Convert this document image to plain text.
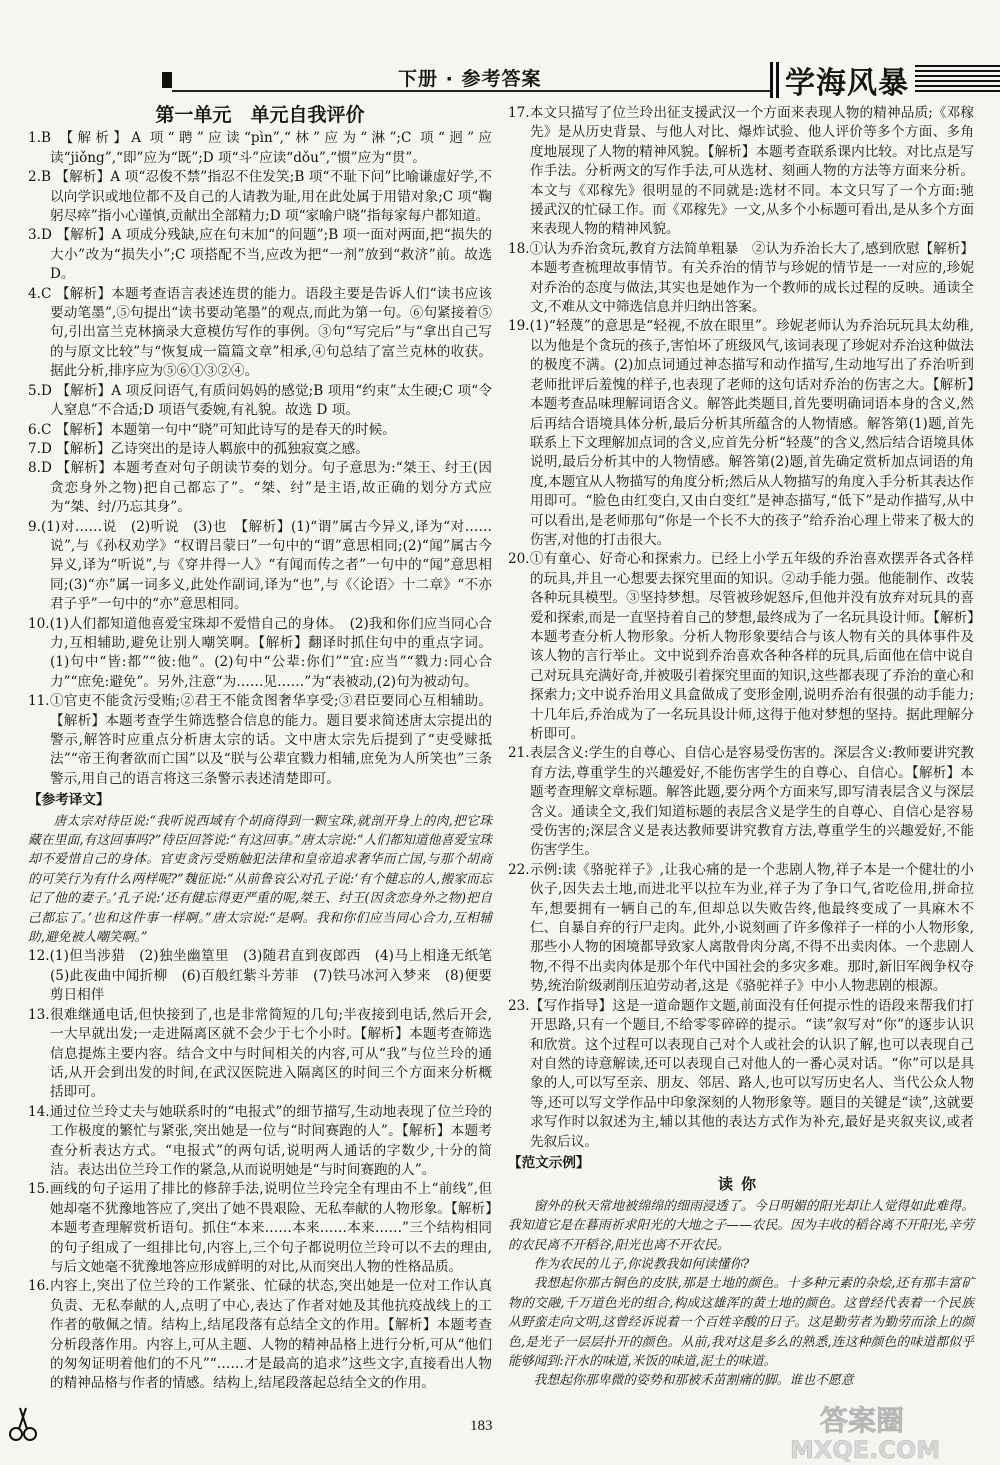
下册 · 参考答案	学海风暴
第一单元　单元自我评价

1.B 【解析】A 项“聘”应读“pìn”,“林”应为“淋”;C 项“迥”应读“jiǒng”,“即”应为“既”;D 项“斗”应读“dǒu”,“惯”应为“贯”。

2.B 【解析】A 项“忍俊不禁”指忍不住发笑;B 项“不耻下问”比喻谦虚好学,不以向学识或地位都不及自己的人请教为耻,用在此处属于用错对象;C 项“鞠躬尽瘁”指小心谨慎,贡献出全部精力;D 项“家喻户晓”指每家每户都知道。

3.D 【解析】A 项成分残缺,应在句末加“的问题”;B 项一面对两面,把“损失的大小”改为“损失小”;C 项搭配不当,应改为把“一剂”放到“救济”前。故选 D。

4.C 【解析】本题考查语言表述连贯的能力。语段主要是告诉人们“读书应该要动笔墨”,⑤句提出“读书要动笔墨”的观点,而此为第一句。⑥句紧接着⑤句,引出富兰克林摘录大意模仿写作的事例。③句“写完后”与“拿出自己写的与原文比较”与“恢复成一篇篇文章”相承,④句总结了富兰克林的收获。据此分析,排序应为⑤⑥①③②④。

5.D 【解析】A 项反问语气,有质问妈妈的感觉;B 项用“约束”太生硬;C 项“令人窒息”不合适;D 项语气委婉,有礼貌。故选 D 项。

6.C 【解析】本题第一句中“晓”可知此诗写的是春天的时候。

7.D 【解析】乙诗突出的是诗人羁旅中的孤独寂寞之感。

8.D 【解析】本题考查对句子朗读节奏的划分。句子意思为:“桀王、纣王(因贪恋身外之物)把自己都忘了”。“桀、纣”是主语,故正确的划分方式应为“桀、纣/乃忘其身”。

9.(1)对……说　(2)听说　(3)也　【解析】(1)“谓”属古今异义,译为“对……说”,与《孙权劝学》“权谓吕蒙曰”一句中的“谓”意思相同;(2)“闻”属古今异义,译为“听说”,与《穿井得一人》“有闻而传之者”一句中的“闻”意思相同;(3)“亦”属一词多义,此处作副词,译为“也”,与《〈论语〉十二章》“不亦君子乎”一句中的“亦”意思相同。

10.(1)人们都知道他喜爱宝珠却不爱惜自己的身体。　(2)我和你们应当同心合力,互相辅助,避免让别人嘲笑啊。【解析】翻译时抓住句中的重点字词。(1)句中“皆:都”“彼:他”。(2)句中“公辈:你们”“宜:应当”“戮力:同心合力”“庶免:避免”。另外,注意“为……见……”为“表被动,(2)句为被动句。

11.①官吏不能贪污受贿;②君王不能贪图奢华享受;③君臣要同心互相辅助。【解析】本题考查学生筛选整合信息的能力。题目要求简述唐太宗提出的警示,解答时应重点分析唐太宗的话。文中唐太宗先后提到了“吏受赇抵法”“帝王徇奢欲而亡国”以及“朕与公辈宜戮力相辅,庶免为人所笑也”三条警示,用自己的语言将这三条警示表述清楚即可。

【参考译文】

唐太宗对待臣说:“我听说西域有个胡商得到一颗宝珠,就剖开身上的肉,把它珠藏在里面,有这回事吗?”侍臣回答说:“有这回事。”唐太宗说:“人们都知道他喜爱宝珠却不爱惜自己的身体。官吏贪污受贿触犯法律和皇帝追求奢华而亡国,与那个胡商的可笑行为有什么两样呢?”魏征说:“从前鲁哀公对孔子说:‘有个健忘的人,搬家而忘记了他的妻子。’孔子说:‘还有健忘得更严重的呢,桀王、纣王(因贪恋身外之物)把自己都忘了。’也和这件事一样啊。”唐太宗说:“是啊。我和你们应当同心合力,互相辅助,避免被人嘲笑啊。”

12.(1)但当涉猎　(2)独坐幽篁里　(3)随君直到夜郎西　(4)马上相逢无纸笔　(5)此夜曲中闻折柳　(6)百般红紫斗芳菲　(7)铁马冰河入梦来　(8)便要剪日相伴

13.很难继通电话,但快接到了,也是非常简短的几句;半夜接到电话,然后开会,一大早就出发;一走进隔离区就不会少于七个小时。【解析】本题考查筛选信息提炼主要内容。结合文中与时间相关的内容,可从“我”与位兰玲的通话,从开会到出发的时间,在武汉医院进入隔离区的时间三个方面来分析概括即可。

14.通过位兰玲丈夫与她联系时的“电报式”的细节描写,生动地表现了位兰玲的工作极度的繁忙与紧张,突出她是一位与“时间赛跑的人”。【解析】本题考查分析表达方式。“电报式”的两句话,说明两人通话的字数少,十分的简洁。表达出位兰玲工作的紧急,从而说明她是“与时间赛跑的人”。

15.画线的句子运用了排比的修辞手法,说明位兰玲完全有理由不上“前线”,但她却毫不犹豫地答应了,突出了她不畏艰险、无私奉献的人物形象。【解析】本题考查理解赏析语句。抓住“本来……本来……本来……”三个结构相同的句子组成了一组排比句,内容上,三个句子都说明位兰玲可以不去的理由,与后文她毫不犹豫地答应形成鲜明的对比,从而突出人物的性格品质。

16.内容上,突出了位兰玲的工作紧张、忙碌的状态,突出她是一位对工作认真负责、无私奉献的人,点明了中心,表达了作者对她及其他抗疫战线上的工作者的敬佩之情。结构上,结尾段落有总结全文的作用。【解析】本题考查分析段落作用。内容上,可从主题、人物的精神品格上进行分析,可从“他们的匆匆证明着他们的不凡”“……才是最高的追求”这些文字,直接看出人物的精神品格与作者的情感。结构上,结尾段落起总结全文的作用。

17.本文只描写了位兰玲出征支援武汉一个方面来表现人物的精神品质;《邓稼先》是从历史背景、与他人对比、爆炸试验、他人评价等多个方面、多角度地展现了人物的精神风貌。【解析】本题考查联系课内比较。对比点是写作手法。分析两文的写作手法,可从选材、刻画人物的方法等方面来分析。本文与《邓稼先》很明显的不同就是:选材不同。本文只写了一个方面:驰援武汉的忙碌工作。而《邓稼先》一文,从多个小标题可看出,是从多个方面来表现人物的精神风貌。

18.①认为乔治贪玩,教育方法简单粗暴　②认为乔治长大了,感到欣慰【解析】本题考查梳理故事情节。有关乔治的情节与珍妮的情节是一一对应的,珍妮对乔治的态度与做法,其实也是她作为一个教师的成长过程的反映。通读全文,不难从文中筛选信息并归纳出答案。

19.(1)“轻蔑”的意思是“轻视,不放在眼里”。珍妮老师认为乔治玩玩具太幼稚,以为他是个贪玩的孩子,害怕坏了班级风气,该词表现了珍妮对乔治这种做法的极度不满。(2)加点词通过神态描写和动作描写,生动地写出了乔治听到老师批评后羞愧的样子,也表现了老师的这句话对乔治的伤害之大。【解析】本题考查品味理解词语含义。解答此类题目,首先要明确词语本身的含义,然后再结合语境具体分析,最后分析其所蕴含的人物情感。解答第(1)题,首先联系上下文理解加点词的含义,应首先分析“轻蔑”的含义,然后结合语境具体说明,最后分析其中的人物情感。解答第(2)题,首先确定赏析加点词语的角度,本题宜从人物描写的角度分析;然后从人物描写的角度入手分析其表达作用即可。“脸色由红变白,又由白变红”是神态描写,“低下”是动作描写,从中可以看出,是老师那句“你是一个长不大的孩子”给乔治心理上带来了极大的伤害,对他的打击很大。

20.①有童心、好奇心和探索力。已经上小学五年级的乔治喜欢摆弄各式各样的玩具,并且一心想要去探究里面的知识。②动手能力强。他能制作、改装各种玩具模型。③坚持梦想。尽管被珍妮怒斥,但他并没有放弃对玩具的喜爱和探索,而是一直坚持着自己的梦想,最终成为了一名玩具设计师。【解析】本题考查分析人物形象。分析人物形象要结合与该人物有关的具体事件及该人物的言行举止。文中说到乔治喜欢各种各样的玩具,后面他在信中说自己对玩具充满好奇,并被吸引着探究里面的知识,这些都表现了乔治的童心和探索力;文中说乔治用义具盒做成了变形金刚,说明乔治有很强的动手能力;十几年后,乔治成为了一名玩具设计师,这得于他对梦想的坚持。据此理解分析即可。

21.表层含义:学生的自尊心、自信心是容易受伤害的。深层含义:教师要讲究教育方法,尊重学生的兴趣爱好,不能伤害学生的自尊心、自信心。【解析】本题考查理解文章标题。解答此题,要分两个方面来写,即写清表层含义与深层含义。通读全文,我们知道标题的表层含义是学生的自尊心、自信心是容易受伤害的;深层含义是表达教师要讲究教育方法,尊重学生的兴趣爱好,不能伤害学生。

22.示例:读《骆驼祥子》,让我心痛的是一个悲剧人物,祥子本是一个健壮的小伙子,因失去土地,而进北平以拉车为业,祥子为了争口气,省吃俭用,拼命拉车,想要拥有一辆自己的车,但却总以失败告终,他最终变成了一具麻木不仁、自暴自弃的行尸走肉。此外,小说刻画了许多像祥子一样的小人物形象,那些小人物的困境都导致家人离散骨肉分离,不得不出卖肉体。一个悲剧人物,不得不出卖肉体是那个年代中国社会的多灾多难。那时,新旧军阀争权夺势,统治阶级剥削压迫劳动者,这是《骆驼祥子》中小人物悲剧的根源。

23.【写作指导】这是一道命题作文题,前面没有任何提示性的语段来帮我们打开思路,只有一个题目,不给零零碎碎的提示。“读”叙写对“你”的逐步认识和欣赏。这个过程可以表现自己对个人或社会的认识了解,也可以表现自己对自然的诗意解读,还可以表现自己对他人的一番心灵对话。“你”可以是具象的人,可以写至亲、朋友、邻居、路人,也可以写历史名人、当代公众人物等,还可以写文学作品中印象深刻的人物形象等。题目的关键是“读”,这就要求写作时以叙述为主,辅以其他的表达方式作为补充,最好是夹叙夹议,或者先叙后议。

【范文示例】
读你

窗外的秋天常地被绵绵的细雨浸透了。今日明媚的阳光却让人觉得如此难得。我知道它是在暮雨祈求阳光的大地之子——农民。因为丰收的稻谷离不开阳光,辛劳的农民离不开稻谷,阳光也离不开农民。

作为农民的儿子,你说教我如何读懂你?

我想起你那古铜色的皮肤,那是土地的颜色。十多种元素的杂烩,还有那丰富矿物的交融,千万道色光的组合,构成这雄浑的黄土地的颜色。这曾经代表着一个民族从野蛮走向文明,这曾经诉说着一个百姓辛酸的日子。这是勤劳者为勤劳而涂上的颜色,是光子一层层扑开的颜色。从前,我对这是多么的熟悉,连这种颜色的味道都似乎能够闻到:汗水的味道,米饭的味道,泥土的味道。

我想起你那卑微的姿势和那被禾苗割痛的脚。谁也不愿意

183	答案圈
MXQE.COM
